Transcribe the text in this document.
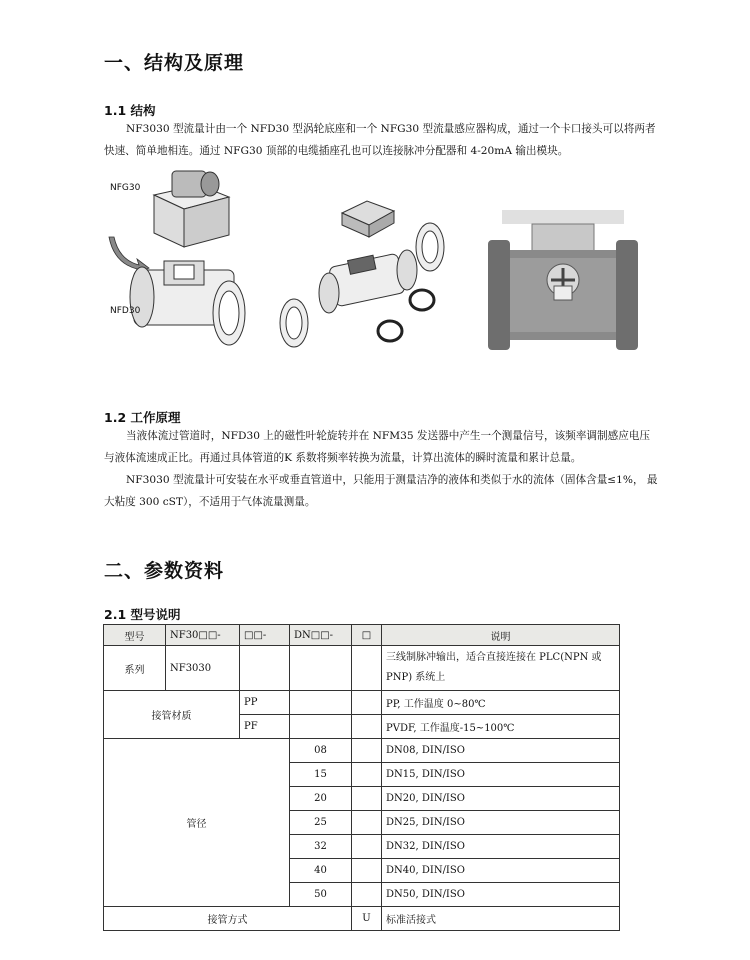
一、结构及原理
1.1 结构

NF3030 型流量计由一个 NFD30 型涡轮底座和一个 NFG30 型流量感应器构成，通过一个卡口接头可以将两者快速、简单地相连。通过 NFG30 顶部的电缆插座孔也可以连接脉冲分配器和 4-20mA 输出模块。

NFG30
NFD30
1.2 工作原理

当液体流过管道时，NFD30 上的磁性叶轮旋转并在 NFM35 发送器中产生一个测量信号，该频率调制感应电压与液体流速成正比。再通过具体管道的K 系数将频率转换为流量，计算出流体的瞬时流量和累计总量。

NF3030 型流量计可安装在水平或垂直管道中，只能用于测量洁净的液体和类似于水的流体（固体含量≤1%， 最大粘度 300 cST），不适用于气体流量测量。

二、参数资料
2.1 型号说明
型号	NF30□□-	□□-	DN□□-	□	说明
系列	NF3030				三线制脉冲输出，适合直接连接在 PLC(NPN 或 PNP) 系统上
接管材质		PP			PP, 工作温度 0~80℃
		PF			PVDF, 工作温度-15~100℃
管径			08		DN08, DIN/ISO
			15		DN15, DIN/ISO
			20		DN20, DIN/ISO
			25		DN25, DIN/ISO
			32		DN32, DIN/ISO
			40		DN40, DIN/ISO
			50		DN50, DIN/ISO
接管方式				U	标准活接式
